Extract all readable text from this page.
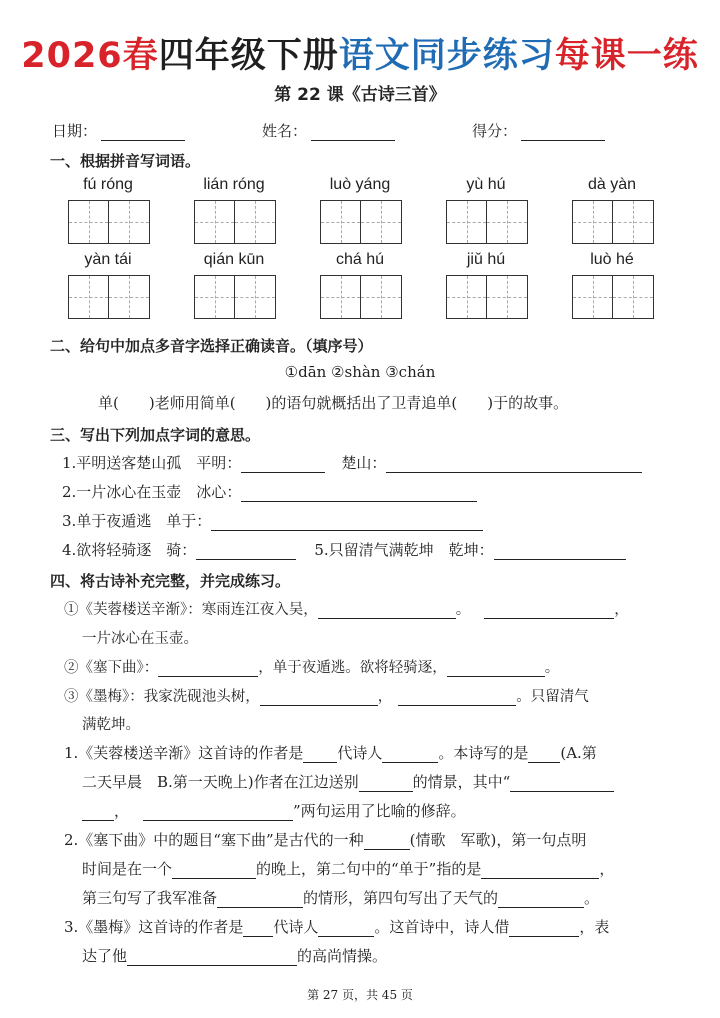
2026春四年级下册语文同步练习每课一练
第 22 课《古诗三首》
日期：	姓名：	得分：
一、根据拼音写词语。
fú róng	lián róng	luò yáng	yù hú	dà yàn
yàn tái	qián kūn	chá hú	jiǔ hú	luò hé
二、给句中加点多音字选择正确读音。（填序号）
①dān ②shàn ③chán
单(　　)老师用简单(　　)的语句就概括出了卫青追单(　　)于的故事。
三、写出下列加点字词的意思。
1.平明送客楚山孤　平明：	楚山：
2.一片冰心在玉壶　冰心：
3.单于夜遁逃　单于：
4.欲将轻骑逐　骑：	5.只留清气满乾坤　乾坤：
四、将古诗补充完整，并完成练习。
①《芙蓉楼送辛渐》：寒雨连江夜入吴，	。	，
一片冰心在玉壶。
②《塞下曲》：	，单于夜遁逃。欲将轻骑逐，	。
③《墨梅》：我家洗砚池头树，	，	。只留清气
满乾坤。
1.《芙蓉楼送辛渐》这首诗的作者是 代诗人	。本诗写的是 (A.第
二天早晨　B.第一天晚上)作者在江边送别	的情景，其中“
，	”两句运用了比喻的修辞。
2.《塞下曲》中的题目“塞下曲”是古代的一种	(情歌　军歌)，第一句点明
时间是在一个	的晚上，第二句中的“单于”指的是	，
第三句写了我军准备	的情形，第四句写出了天气的	。
3.《墨梅》这首诗的作者是 代诗人	。这首诗中，诗人借	，表
达了他	的高尚情操。
第 27 页，共 45 页
